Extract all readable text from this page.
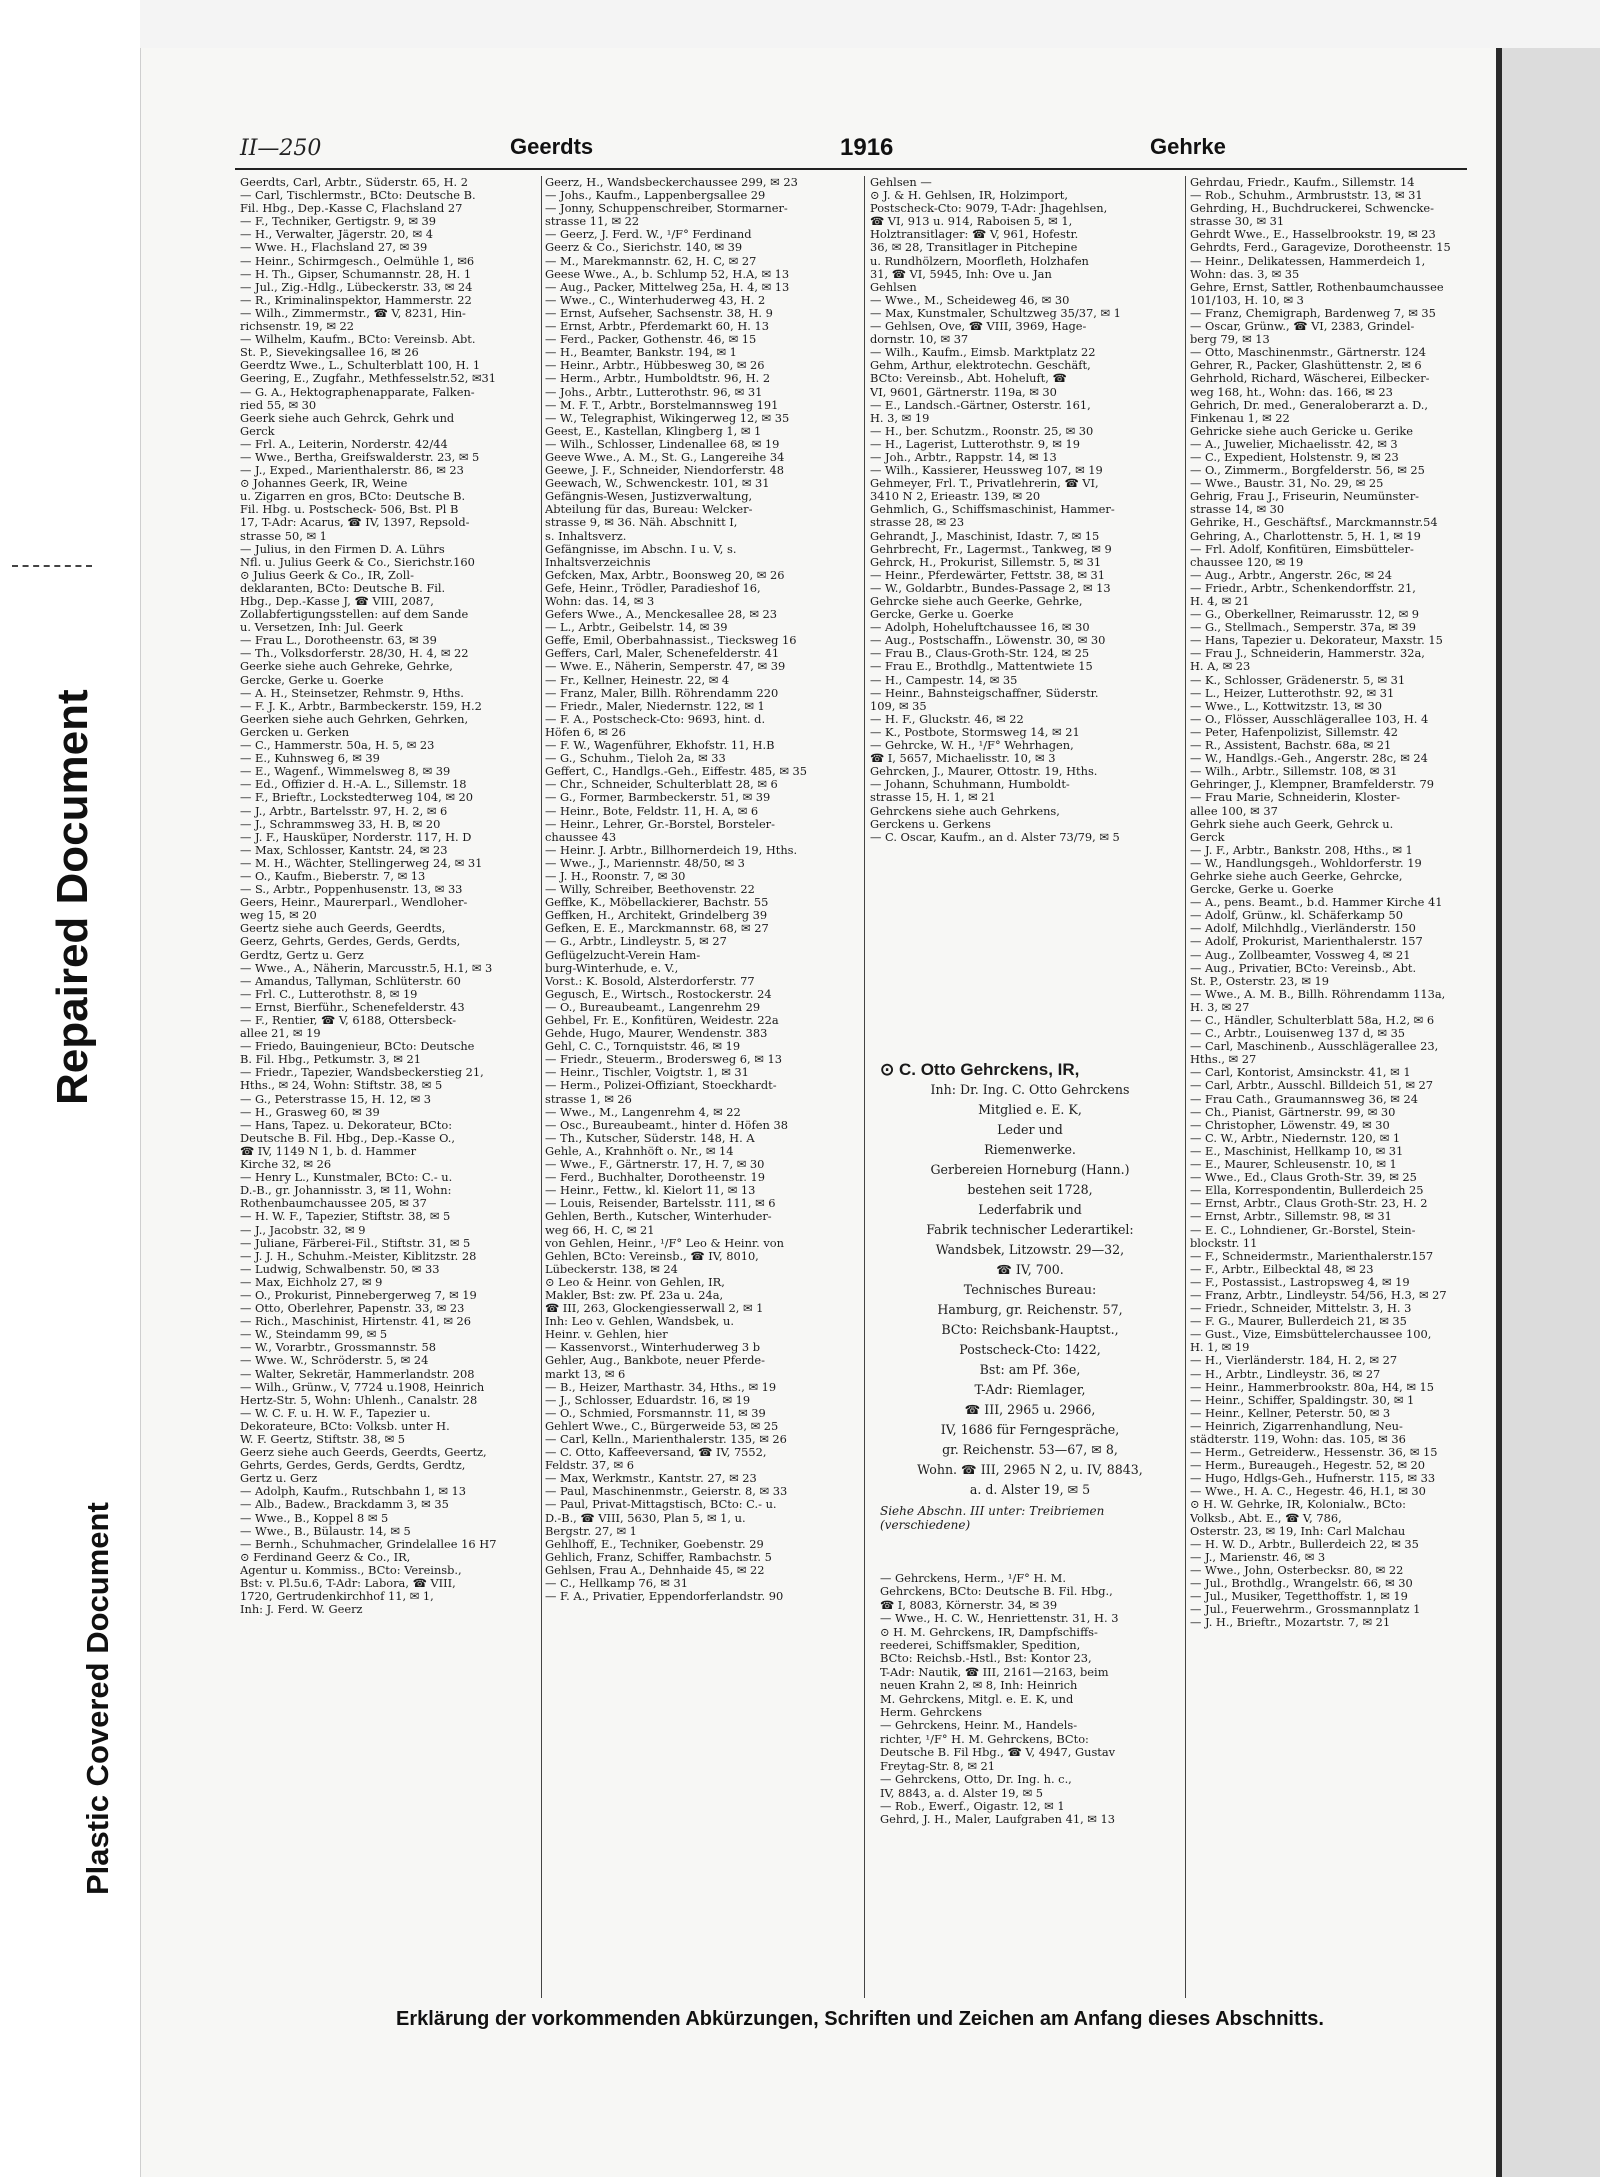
Repaired Document
Plastic Covered Document
II—250	Geerdts	1916	Gehrke
Geerdts, Carl, Arbtr., Süderstr. 65, H. 2
— Carl, Tischlermstr., BCto: Deutsche B.
Fil. Hbg., Dep.-Kasse C, Flachsland 27
— F., Techniker, Gertigstr. 9, ✉ 39
— H., Verwalter, Jägerstr. 20, ✉ 4
— Wwe. H., Flachsland 27, ✉ 39
— Heinr., Schirmgesch., Oelmühle 1, ✉6
— H. Th., Gipser, Schumannstr. 28, H. 1
— Jul., Zig.-Hdlg., Lübeckerstr. 33, ✉ 24
— R., Kriminalinspektor, Hammerstr. 22
— Wilh., Zimmermstr., ☎ V, 8231, Hin-
richsenstr. 19, ✉ 22
— Wilhelm, Kaufm., BCto: Vereinsb. Abt.
St. P., Sievekingsallee 16, ✉ 26
Geerdtz Wwe., L., Schulterblatt 100, H. 1
Geering, E., Zugfahr., Methfesselstr.52, ✉31
— G. A., Hektographenapparate, Falken-
ried 55, ✉ 30
Geerk siehe auch Gehrck, Gehrk und
Gerck
— Frl. A., Leiterin, Norderstr. 42/44
— Wwe., Bertha, Greifswalderstr. 23, ✉ 5
— J., Exped., Marienthalerstr. 86, ✉ 23
⊙ Johannes Geerk, IR, Weine
u. Zigarren en gros, BCto: Deutsche B.
Fil. Hbg. u. Postscheck- 506, Bst. Pl B
17, T-Adr: Acarus, ☎ IV, 1397, Repsold-
strasse 50, ✉ 1
— Julius, in den Firmen D. A. Lührs
Nfl. u. Julius Geerk & Co., Sierichstr.160
⊙ Julius Geerk & Co., IR, Zoll-
deklaranten, BCto: Deutsche B. Fil.
Hbg., Dep.-Kasse J, ☎ VIII, 2087,
Zollabfertigungsstellen: auf dem Sande
u. Versetzen, Inh: Jul. Geerk
— Frau L., Dorotheenstr. 63, ✉ 39
— Th., Volksdorferstr. 28/30, H. 4, ✉ 22
Geerke siehe auch Gehreke, Gehrke,
Gercke, Gerke u. Goerke
— A. H., Steinsetzer, Rehmstr. 9, Hths.
— F. J. K., Arbtr., Barmbeckerstr. 159, H.2
Geerken siehe auch Gehrken, Gehrken,
Gercken u. Gerken
— C., Hammerstr. 50a, H. 5, ✉ 23
— E., Kuhnsweg 6, ✉ 39
— E., Wagenf., Wimmelsweg 8, ✉ 39
— Ed., Offizier d. H.-A. L., Sillemstr. 18
— F., Brieftr., Lockstedterweg 104, ✉ 20
— J., Arbtr., Bartelsstr. 97, H. 2, ✉ 6
— J., Schrammsweg 33, H. B, ✉ 20
— J. F., Hausküper, Norderstr. 117, H. D
— Max, Schlosser, Kantstr. 24, ✉ 23
— M. H., Wächter, Stellingerweg 24, ✉ 31
— O., Kaufm., Bieberstr. 7, ✉ 13
— S., Arbtr., Poppenhusenstr. 13, ✉ 33
Geers, Heinr., Maurerparl., Wendloher-
weg 15, ✉ 20
Geertz siehe auch Geerds, Geerdts,
Geerz, Gehrts, Gerdes, Gerds, Gerdts,
Gerdtz, Gertz u. Gerz
— Wwe., A., Näherin, Marcusstr.5, H.1, ✉ 3
— Amandus, Tallyman, Schlüterstr. 60
— Frl. C., Lutterothstr. 8, ✉ 19
— Ernst, Bierführ., Schenefelderstr. 43
— F., Rentier, ☎ V, 6188, Ottersbeck-
allee 21, ✉ 19
— Friedo, Bauingenieur, BCto: Deutsche
B. Fil. Hbg., Petkumstr. 3, ✉ 21
— Friedr., Tapezier, Wandsbeckerstieg 21,
Hths., ✉ 24, Wohn: Stiftstr. 38, ✉ 5
— G., Peterstrasse 15, H. 12, ✉ 3
— H., Grasweg 60, ✉ 39
— Hans, Tapez. u. Dekorateur, BCto:
Deutsche B. Fil. Hbg., Dep.-Kasse O.,
☎ IV, 1149 N 1, b. d. Hammer
Kirche 32, ✉ 26
— Henry L., Kunstmaler, BCto: C.- u.
D.-B., gr. Johannisstr. 3, ✉ 11, Wohn:
Rothenbaumchaussee 205, ✉ 37
— H. W. F., Tapezier, Stiftstr. 38, ✉ 5
— J., Jacobstr. 32, ✉ 9
— Juliane, Färberei-Fil., Stiftstr. 31, ✉ 5
— J. J. H., Schuhm.-Meister, Kiblitzstr. 28
— Ludwig, Schwalbenstr. 50, ✉ 33
— Max, Eichholz 27, ✉ 9
— O., Prokurist, Pinnebergerweg 7, ✉ 19
— Otto, Oberlehrer, Papenstr. 33, ✉ 23
— Rich., Maschinist, Hirtenstr. 41, ✉ 26
— W., Steindamm 99, ✉ 5
— W., Vorarbtr., Grossmannstr. 58
— Wwe. W., Schröderstr. 5, ✉ 24
— Walter, Sekretär, Hammerlandstr. 208
— Wilh., Grünw., V, 7724 u.1908, Heinrich
Hertz-Str. 5, Wohn: Uhlenh., Canalstr. 28
— W. C. F. u. H. W. F., Tapezier u.
Dekorateure, BCto: Volksb. unter H.
W. F. Geertz, Stiftstr. 38, ✉ 5
Geerz siehe auch Geerds, Geerdts, Geertz,
Gehrts, Gerdes, Gerds, Gerdts, Gerdtz,
Gertz u. Gerz
— Adolph, Kaufm., Rutschbahn 1, ✉ 13
— Alb., Badew., Brackdamm 3, ✉ 35
— Wwe., B., Koppel 8 ✉ 5
— Wwe., B., Bülaustr. 14, ✉ 5
— Bernh., Schuhmacher, Grindelallee 16 H7
⊙ Ferdinand Geerz & Co., IR,
Agentur u. Kommiss., BCto: Vereinsb.,
Bst: v. Pl.5u.6, T-Adr: Labora, ☎ VIII,
1720, Gertrudenkirchhof 11, ✉ 1,
Inh: J. Ferd. W. Geerz
Geerz, H., Wandsbeckerchaussee 299, ✉ 23
— Johs., Kaufm., Lappenbergsallee 29
— Jonny, Schuppenschreiber, Stormarner-
strasse 11, ✉ 22
— Geerz, J. Ferd. W., ¹/F° Ferdinand
Geerz & Co., Sierichstr. 140, ✉ 39
— M., Marekmannstr. 62, H. C, ✉ 27
Geese Wwe., A., b. Schlump 52, H.A, ✉ 13
— Aug., Packer, Mittelweg 25a, H. 4, ✉ 13
— Wwe., C., Winterhuderweg 43, H. 2
— Ernst, Aufseher, Sachsenstr. 38, H. 9
— Ernst, Arbtr., Pferdemarkt 60, H. 13
— Ferd., Packer, Gothenstr. 46, ✉ 15
— H., Beamter, Bankstr. 194, ✉ 1
— Heinr., Arbtr., Hübbesweg 30, ✉ 26
— Herm., Arbtr., Humboldtstr. 96, H. 2
— Johs., Arbtr., Lutterothstr. 96, ✉ 31
— M. F. T., Arbtr., Borstelmannsweg 191
— W., Telegraphist, Wikingerweg 12, ✉ 35
Geest, E., Kastellan, Klingberg 1, ✉ 1
— Wilh., Schlosser, Lindenallee 68, ✉ 19
Geeve Wwe., A. M., St. G., Langereihe 34
Geewe, J. F., Schneider, Niendorferstr. 48
Geewach, W., Schwenckestr. 101, ✉ 31
Gefängnis-Wesen, Justizverwaltung,
Abteilung für das, Bureau: Welcker-
strasse 9, ✉ 36. Näh. Abschnitt I,
s. Inhaltsverz.
Gefängnisse, im Abschn. I u. V, s.
Inhaltsverzeichnis
Gefcken, Max, Arbtr., Boonsweg 20, ✉ 26
Gefe, Heinr., Trödler, Paradieshof 16,
Wohn: das. 14, ✉ 3
Gefers Wwe., A., Menckesallee 28, ✉ 23
— L., Arbtr., Geibelstr. 14, ✉ 39
Geffe, Emil, Oberbahnassist., Tiecksweg 16
Geffers, Carl, Maler, Schenefelderstr. 41
— Wwe. E., Näherin, Semperstr. 47, ✉ 39
— Fr., Kellner, Heinestr. 22, ✉ 4
— Franz, Maler, Billh. Röhrendamm 220
— Friedr., Maler, Niedernstr. 122, ✉ 1
— F. A., Postscheck-Cto: 9693, hint. d.
Höfen 6, ✉ 26
— F. W., Wagenführer, Ekhofstr. 11, H.B
— G., Schuhm., Tieloh 2a, ✉ 33
Geffert, C., Handlgs.-Geh., Eiffestr. 485, ✉ 35
— Chr., Schneider, Schulterblatt 28, ✉ 6
— G., Former, Barmbeckerstr. 51, ✉ 39
— Heinr., Bote, Feldstr. 11, H. A, ✉ 6
— Heinr., Lehrer, Gr.-Borstel, Borsteler-
chaussee 43
— Heinr. J. Arbtr., Billhornerdeich 19, Hths.
— Wwe., J., Mariennstr. 48/50, ✉ 3
— J. H., Roonstr. 7, ✉ 30
— Willy, Schreiber, Beethovenstr. 22
Geffke, K., Möbellackierer, Bachstr. 55
Geffken, H., Architekt, Grindelberg 39
Gefken, E. E., Marckmannstr. 68, ✉ 27
— G., Arbtr., Lindleystr. 5, ✉ 27
Geflügelzucht-Verein Ham-
burg-Winterhude, e. V.,
Vorst.: K. Bosold, Alsterdorferstr. 77
Gegusch, E., Wirtsch., Rostockerstr. 24
— O., Bureaubeamt., Langenrehm 29
Gehbel, Fr. E., Konfitüren, Weidestr. 22a
Gehde, Hugo, Maurer, Wendenstr. 383
Gehl, C. C., Tornquiststr. 46, ✉ 19
— Friedr., Steuerm., Brodersweg 6, ✉ 13
— Heinr., Tischler, Voigtstr. 1, ✉ 31
— Herm., Polizei-Offiziant, Stoeckhardt-
strasse 1, ✉ 26
— Wwe., M., Langenrehm 4, ✉ 22
— Osc., Bureaubeamt., hinter d. Höfen 38
— Th., Kutscher, Süderstr. 148, H. A
Gehle, A., Krahnhöft o. Nr., ✉ 14
— Wwe., F., Gärtnerstr. 17, H. 7, ✉ 30
— Ferd., Buchhalter, Dorotheenstr. 19
— Heinr., Fettw., kl. Kielort 11, ✉ 13
— Louis, Reisender, Bartelsstr. 111, ✉ 6
Gehlen, Berth., Kutscher, Winterhuder-
weg 66, H. C, ✉ 21
von Gehlen, Heinr., ¹/F° Leo & Heinr. von
Gehlen, BCto: Vereinsb., ☎ IV, 8010,
Lübeckerstr. 138, ✉ 24
⊙ Leo & Heinr. von Gehlen, IR,
Makler, Bst: zw. Pf. 23a u. 24a,
☎ III, 263, Glockengiesserwall 2, ✉ 1
Inh: Leo v. Gehlen, Wandsbek, u.
Heinr. v. Gehlen, hier
— Kassenvorst., Winterhuderweg 3 b
Gehler, Aug., Bankbote, neuer Pferde-
markt 13, ✉ 6
— B., Heizer, Marthastr. 34, Hths., ✉ 19
— J., Schlosser, Eduardstr. 16, ✉ 19
— O., Schmied, Forsmannstr. 11, ✉ 39
Gehlert Wwe., C., Bürgerweide 53, ✉ 25
— Carl, Kelln., Marienthalerstr. 135, ✉ 26
— C. Otto, Kaffeeversand, ☎ IV, 7552,
Feldstr. 37, ✉ 6
— Max, Werkmstr., Kantstr. 27, ✉ 23
— Paul, Maschinenmstr., Geierstr. 8, ✉ 33
— Paul, Privat-Mittagstisch, BCto: C.- u.
D.-B., ☎ VIII, 5630, Plan 5, ✉ 1, u.
Bergstr. 27, ✉ 1
Gehlhoff, E., Techniker, Goebenstr. 29
Gehlich, Franz, Schiffer, Rambachstr. 5
Gehlsen, Frau A., Dehnhaide 45, ✉ 22
— C., Hellkamp 76, ✉ 31
— F. A., Privatier, Eppendorferlandstr. 90
Gehlsen —
⊙ J. & H. Gehlsen, IR, Holzimport,
Postscheck-Cto: 9079, T-Adr: Jhagehlsen,
☎ VI, 913 u. 914, Raboisen 5, ✉ 1,
Holztransitlager: ☎ V, 961, Hofestr.
36, ✉ 28, Transitlager in Pitchepine
u. Rundhölzern, Moorfleth, Holzhafen
31, ☎ VI, 5945, Inh: Ove u. Jan
Gehlsen
— Wwe., M., Scheideweg 46, ✉ 30
— Max, Kunstmaler, Schultzweg 35/37, ✉ 1
— Gehlsen, Ove, ☎ VIII, 3969, Hage-
dornstr. 10, ✉ 37
— Wilh., Kaufm., Eimsb. Marktplatz 22
Gehm, Arthur, elektrotechn. Geschäft,
BCto: Vereinsb., Abt. Hoheluft, ☎
VI, 9601, Gärtnerstr. 119a, ✉ 30
— E., Landsch.-Gärtner, Osterstr. 161,
H. 3, ✉ 19
— H., ber. Schutzm., Roonstr. 25, ✉ 30
— H., Lagerist, Lutterothstr. 9, ✉ 19
— Joh., Arbtr., Rappstr. 14, ✉ 13
— Wilh., Kassierer, Heussweg 107, ✉ 19
Gehmeyer, Frl. T., Privatlehrerin, ☎ VI,
3410 N 2, Erieastr. 139, ✉ 20
Gehmlich, G., Schiffsmaschinist, Hammer-
strasse 28, ✉ 23
Gehrandt, J., Maschinist, Idastr. 7, ✉ 15
Gehrbrecht, Fr., Lagermst., Tankweg, ✉ 9
Gehrck, H., Prokurist, Sillemstr. 5, ✉ 31
— Heinr., Pferdewärter, Fettstr. 38, ✉ 31
— W., Goldarbtr., Bundes-Passage 2, ✉ 13
Gehrcke siehe auch Geerke, Gehrke,
Gercke, Gerke u. Goerke
— Adolph, Hoheluftchaussee 16, ✉ 30
— Aug., Postschaffn., Löwenstr. 30, ✉ 30
— Frau B., Claus-Groth-Str. 124, ✉ 25
— Frau E., Brothdlg., Mattentwiete 15
— H., Campestr. 14, ✉ 35
— Heinr., Bahnsteigschaffner, Süderstr.
109, ✉ 35
— H. F., Gluckstr. 46, ✉ 22
— K., Postbote, Stormsweg 14, ✉ 21
— Gehrcke, W. H., ¹/F° Wehrhagen,
☎ I, 5657, Michaelisstr. 10, ✉ 3
Gehrcken, J., Maurer, Ottostr. 19, Hths.
— Johann, Schuhmann, Humboldt-
strasse 15, H. 1, ✉ 21
Gehrckens siehe auch Gehrkens,
Gerckens u. Gerkens
— C. Oscar, Kaufm., an d. Alster 73/79, ✉ 5
Gehrdau, Friedr., Kaufm., Sillemstr. 14
— Rob., Schuhm., Armbruststr. 13, ✉ 31
Gehrding, H., Buchdruckerei, Schwencke-
strasse 30, ✉ 31
Gehrdt Wwe., E., Hasselbrookstr. 19, ✉ 23
Gehrdts, Ferd., Garagevize, Dorotheenstr. 15
— Heinr., Delikatessen, Hammerdeich 1,
Wohn: das. 3, ✉ 35
Gehre, Ernst, Sattler, Rothenbaumchaussee
101/103, H. 10, ✉ 3
— Franz, Chemigraph, Bardenweg 7, ✉ 35
— Oscar, Grünw., ☎ VI, 2383, Grindel-
berg 79, ✉ 13
— Otto, Maschinenmstr., Gärtnerstr. 124
Gehrer, R., Packer, Glashüttenstr. 2, ✉ 6
Gehrhold, Richard, Wäscherei, Eilbecker-
weg 168, ht., Wohn: das. 166, ✉ 23
Gehrich, Dr. med., Generaloberarzt a. D.,
Finkenau 1, ✉ 22
Gehricke siehe auch Gericke u. Gerike
— A., Juwelier, Michaelisstr. 42, ✉ 3
— C., Expedient, Holstenstr. 9, ✉ 23
— O., Zimmerm., Borgfelderstr. 56, ✉ 25
— Wwe., Baustr. 31, No. 29, ✉ 25
Gehrig, Frau J., Friseurin, Neumünster-
strasse 14, ✉ 30
Gehrike, H., Geschäftsf., Marckmannstr.54
Gehring, A., Charlottenstr. 5, H. 1, ✉ 19
— Frl. Adolf, Konfitüren, Eimsbütteler-
chaussee 120, ✉ 19
— Aug., Arbtr., Angerstr. 26c, ✉ 24
— Friedr., Arbtr., Schenkendorffstr. 21,
H. 4, ✉ 21
— G., Oberkellner, Reimarusstr. 12, ✉ 9
— G., Stellmach., Semperstr. 37a, ✉ 39
— Hans, Tapezier u. Dekorateur, Maxstr. 15
— Frau J., Schneiderin, Hammerstr. 32a,
H. A, ✉ 23
— K., Schlosser, Grädenerstr. 5, ✉ 31
— L., Heizer, Lutterothstr. 92, ✉ 31
— Wwe., L., Kottwitzstr. 13, ✉ 30
— O., Flösser, Ausschlägerallee 103, H. 4
— Peter, Hafenpolizist, Sillemstr. 42
— R., Assistent, Bachstr. 68a, ✉ 21
— W., Handlgs.-Geh., Angerstr. 28c, ✉ 24
— Wilh., Arbtr., Sillemstr. 108, ✉ 31
Gehringer, J., Klempner, Bramfelderstr. 79
— Frau Marie, Schneiderin, Kloster-
allee 100, ✉ 37
Gehrk siehe auch Geerk, Gehrck u.
Gerck
— J. F., Arbtr., Bankstr. 208, Hths., ✉ 1
— W., Handlungsgeh., Wohldorferstr. 19
Gehrke siehe auch Geerke, Gehrcke,
Gercke, Gerke u. Goerke
— A., pens. Beamt., b.d. Hammer Kirche 41
— Adolf, Grünw., kl. Schäferkamp 50
— Adolf, Milchhdlg., Vierländerstr. 150
— Adolf, Prokurist, Marienthalerstr. 157
— Aug., Zollbeamter, Vossweg 4, ✉ 21
— Aug., Privatier, BCto: Vereinsb., Abt.
St. P., Osterstr. 23, ✉ 19
— Wwe., A. M. B., Billh. Röhrendamm 113a,
H. 3, ✉ 27
— C., Händler, Schulterblatt 58a, H.2, ✉ 6
— C., Arbtr., Louisenweg 137 d, ✉ 35
— Carl, Maschinenb., Ausschlägerallee 23,
Hths., ✉ 27
— Carl, Kontorist, Amsinckstr. 41, ✉ 1
— Carl, Arbtr., Ausschl. Billdeich 51, ✉ 27
— Frau Cath., Graumannsweg 36, ✉ 24
— Ch., Pianist, Gärtnerstr. 99, ✉ 30
— Christopher, Löwenstr. 49, ✉ 30
— C. W., Arbtr., Niedernstr. 120, ✉ 1
— E., Maschinist, Hellkamp 10, ✉ 31
— E., Maurer, Schleusenstr. 10, ✉ 1
— Wwe., Ed., Claus Groth-Str. 39, ✉ 25
— Ella, Korrespondentin, Bullerdeich 25
— Ernst, Arbtr., Claus Groth-Str. 23, H. 2
— Ernst, Arbtr., Sillemstr. 98, ✉ 31
— E. C., Lohndiener, Gr.-Borstel, Stein-
blockstr. 11
— F., Schneidermstr., Marienthalerstr.157
— F., Arbtr., Eilbecktal 48, ✉ 23
— F., Postassist., Lastropsweg 4, ✉ 19
— Franz, Arbtr., Lindleystr. 54/56, H.3, ✉ 27
— Friedr., Schneider, Mittelstr. 3, H. 3
— F. G., Maurer, Bullerdeich 21, ✉ 35
— Gust., Vize, Eimsbüttelerchaussee 100,
H. 1, ✉ 19
— H., Vierländerstr. 184, H. 2, ✉ 27
— H., Arbtr., Lindleystr. 36, ✉ 27
— Heinr., Hammerbrookstr. 80a, H4, ✉ 15
— Heinr., Schiffer, Spaldingstr. 30, ✉ 1
— Heinr., Kellner, Peterstr. 50, ✉ 3
— Heinrich, Zigarrenhandlung, Neu-
städterstr. 119, Wohn: das. 105, ✉ 36
— Herm., Getreiderw., Hessenstr. 36, ✉ 15
— Herm., Bureaugeh., Hegestr. 52, ✉ 20
— Hugo, Hdlgs-Geh., Hufnerstr. 115, ✉ 33
— Wwe., H. A. C., Hegestr. 46, H.1, ✉ 30
⊙ H. W. Gehrke, IR, Kolonialw., BCto:
Volksb., Abt. E., ☎ V, 786,
Osterstr. 23, ✉ 19, Inh: Carl Malchau
— H. W. D., Arbtr., Bullerdeich 22, ✉ 35
— J., Marienstr. 46, ✉ 3
— Wwe., John, Osterbecksr. 80, ✉ 22
— Jul., Brothdlg., Wrangelstr. 66, ✉ 30
— Jul., Musiker, Tegetthoffstr. 1, ✉ 19
— Jul., Feuerwehrm., Grossmannplatz 1
— J. H., Brieftr., Mozartstr. 7, ✉ 21
⊙ C. Otto Gehrckens, IR,
Inh: Dr. Ing. C. Otto Gehrckens
Mitglied e. E. K,
Leder und
Riemenwerke.
Gerbereien Horneburg (Hann.)
bestehen seit 1728,
Lederfabrik und
Fabrik technischer Lederartikel:
Wandsbek, Litzowstr. 29—32,
☎ IV, 700.
Technisches Bureau:
Hamburg, gr. Reichenstr. 57,
BCto: Reichsbank-Hauptst.,
Postscheck-Cto: 1422,
Bst: am Pf. 36e,
T-Adr: Riemlager,
☎ III, 2965 u. 2966,
IV, 1686 für Ferngespräche,
gr. Reichenstr. 53—67, ✉ 8,
Wohn. ☎ III, 2965 N 2, u. IV, 8843,
a. d. Alster 19, ✉ 5
Siehe Abschn. III unter: Treibriemen (verschiedene)
— Gehrckens, Herm., ¹/F° H. M.
Gehrckens, BCto: Deutsche B. Fil. Hbg.,
☎ I, 8083, Körnerstr. 34, ✉ 39
— Wwe., H. C. W., Henriettenstr. 31, H. 3
⊙ H. M. Gehrckens, IR, Dampfschiffs-
reederei, Schiffsmakler, Spedition,
BCto: Reichsb.-Hstl., Bst: Kontor 23,
T-Adr: Nautik, ☎ III, 2161—2163, beim
neuen Krahn 2, ✉ 8, Inh: Heinrich
M. Gehrckens, Mitgl. e. E. K, und
Herm. Gehrckens
— Gehrckens, Heinr. M., Handels-
richter, ¹/F° H. M. Gehrckens, BCto:
Deutsche B. Fil Hbg., ☎ V, 4947, Gustav
Freytag-Str. 8, ✉ 21
— Gehrckens, Otto, Dr. Ing. h. c.,
IV, 8843, a. d. Alster 19, ✉ 5
— Rob., Ewerf., Oigastr. 12, ✉ 1
Gehrd, J. H., Maler, Laufgraben 41, ✉ 13
Erklärung der vorkommenden Abkürzungen, Schriften und Zeichen am Anfang dieses Abschnitts.
